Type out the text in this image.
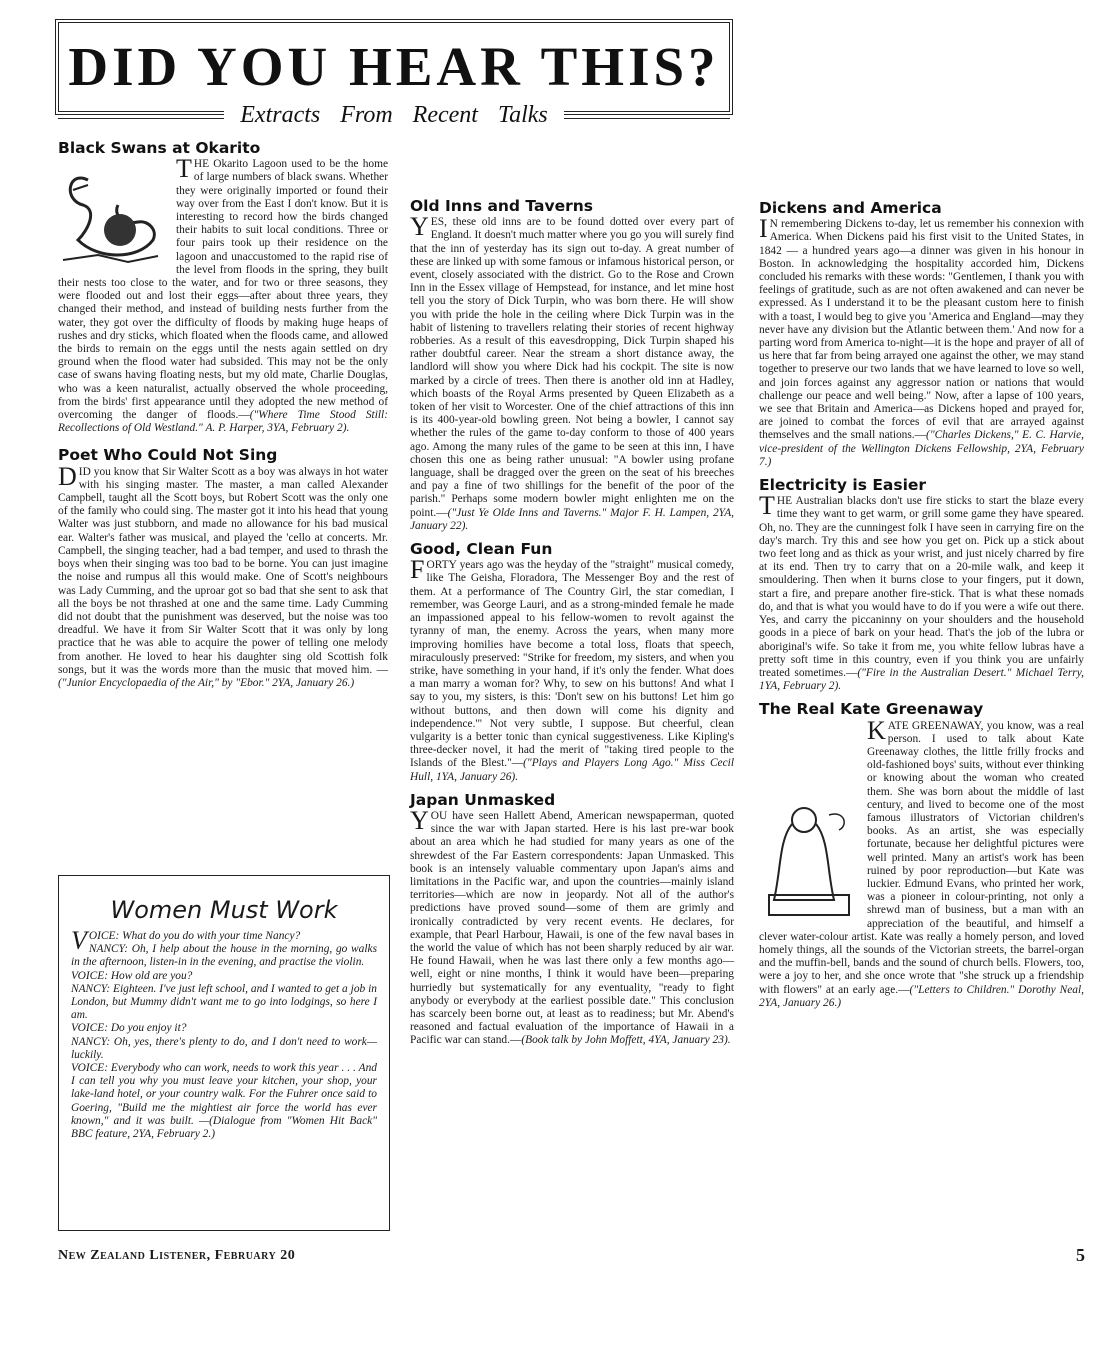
DID YOU HEAR THIS?
Extracts From Recent Talks
Black Swans at Okarito

THE Okarito Lagoon used to be the home of large numbers of black swans. Whether they were originally imported or found their way over from the East I don't know. But it is interesting to record how the birds changed their habits to suit local conditions. Three or four pairs took up their residence on the lagoon and unaccustomed to the rapid rise of the level from floods in the spring, they built their nests too close to the water, and for two or three seasons, they were flooded out and lost their eggs—after about three years, they changed their method, and instead of building nests further from the water, they got over the difficulty of floods by making huge heaps of rushes and dry sticks, which floated when the floods came, and allowed the birds to remain on the eggs until the nests again settled on dry ground when the flood water had subsided. This may not be the only case of swans having floating nests, but my old mate, Charlie Douglas, who was a keen naturalist, actually observed the whole proceeding, from the birds' first appearance until they adopted the new method of overcoming the danger of floods.—("Where Time Stood Still: Recollections of Old Westland." A. P. Harper, 3YA, February 2).

Poet Who Could Not Sing

DID you know that Sir Walter Scott as a boy was always in hot water with his singing master. The master, a man called Alexander Campbell, taught all the Scott boys, but Robert Scott was the only one of the family who could sing. The master got it into his head that young Walter was just stubborn, and made no allowance for his bad musical ear. Walter's father was musical, and played the 'cello at concerts. Mr. Campbell, the singing teacher, had a bad temper, and used to thrash the boys when their singing was too bad to be borne. You can just imagine the noise and rumpus all this would make. One of Scott's neighbours was Lady Cumming, and the uproar got so bad that she sent to ask that all the boys be not thrashed at one and the same time. Lady Cumming did not doubt that the punishment was deserved, but the noise was too dreadful. We have it from Sir Walter Scott that it was only by long practice that he was able to acquire the power of telling one melody from another. He loved to hear his daughter sing old Scottish folk songs, but it was the words more than the music that moved him. —("Junior Encyclopaedia of the Air," by "Ebor." 2YA, January 26.)

Women Must Work

VOICE: What do you do with your time Nancy?

NANCY: Oh, I help about the house in the morning, go walks in the afternoon, listen-in in the evening, and practise the violin.

VOICE: How old are you?

NANCY: Eighteen. I've just left school, and I wanted to get a job in London, but Mummy didn't want me to go into lodgings, so here I am.

VOICE: Do you enjoy it?

NANCY: Oh, yes, there's plenty to do, and I don't need to work—luckily.

VOICE: Everybody who can work, needs to work this year . . . And I can tell you why you must leave your kitchen, your shop, your lake-land hotel, or your country walk. For the Fuhrer once said to Goering, "Build me the mightiest air force the world has ever known," and it was built. —(Dialogue from "Women Hit Back" BBC feature, 2YA, February 2.)

Old Inns and Taverns

YES, these old inns are to be found dotted over every part of England. It doesn't much matter where you go you will surely find that the inn of yesterday has its sign out to-day. A great number of these are linked up with some famous or infamous historical person, or event, closely associated with the district. Go to the Rose and Crown Inn in the Essex village of Hempstead, for instance, and let mine host tell you the story of Dick Turpin, who was born there. He will show you with pride the hole in the ceiling where Dick Turpin was in the habit of listening to travellers relating their stories of recent highway robberies. As a result of this eavesdropping, Dick Turpin shaped his rather doubtful career. Near the stream a short distance away, the landlord will show you where Dick had his cockpit. The site is now marked by a circle of trees. Then there is another old inn at Hadley, which boasts of the Royal Arms presented by Queen Elizabeth as a token of her visit to Worcester. One of the chief attractions of this inn is its 400-year-old bowling green. Not being a bowler, I cannot say whether the rules of the game to-day conform to those of 400 years ago. Among the many rules of the game to be seen at this inn, I have chosen this one as being rather unusual: "A bowler using profane language, shall be dragged over the green on the seat of his breeches and pay a fine of two shillings for the benefit of the poor of the parish." Perhaps some modern bowler might enlighten me on the point.—("Just Ye Olde Inns and Taverns." Major F. H. Lampen, 2YA, January 22).

Good, Clean Fun

FORTY years ago was the heyday of the "straight" musical comedy, like The Geisha, Floradora, The Messenger Boy and the rest of them. At a performance of The Country Girl, the star comedian, I remember, was George Lauri, and as a strong-minded female he made an impassioned appeal to his fellow-women to revolt against the tyranny of man, the enemy. Across the years, when many more improving homilies have become a total loss, floats that speech, miraculously preserved: "Strike for freedom, my sisters, and when you strike, have something in your hand, if it's only the fender. What does a man marry a woman for? Why, to sew on his buttons! And what I say to you, my sisters, is this: 'Don't sew on his buttons! Let him go without buttons, and then down will come his dignity and independence.'" Not very subtle, I suppose. But cheerful, clean vulgarity is a better tonic than cynical suggestiveness. Like Kipling's three-decker novel, it had the merit of "taking tired people to the Islands of the Blest."—("Plays and Players Long Ago." Miss Cecil Hull, 1YA, January 26).

Japan Unmasked

YOU have seen Hallett Abend, American newspaperman, quoted since the war with Japan started. Here is his last pre-war book about an area which he had studied for many years as one of the shrewdest of the Far Eastern correspondents: Japan Unmasked. This book is an intensely valuable commentary upon Japan's aims and limitations in the Pacific war, and upon the countries—mainly island territories—which are now in jeopardy. Not all of the author's predictions have proved sound—some of them are grimly and ironically contradicted by very recent events. He declares, for example, that Pearl Harbour, Hawaii, is one of the few naval bases in the world the value of which has not been sharply reduced by air war. He found Hawaii, when he was last there only a few months ago—well, eight or nine months, I think it would have been—preparing hurriedly but systematically for any eventuality, "ready to fight anybody or everybody at the earliest possible date." This conclusion has scarcely been borne out, at least as to readiness; but Mr. Abend's reasoned and factual evaluation of the importance of Hawaii in a Pacific war can stand.—(Book talk by John Moffett, 4YA, January 23).

Dickens and America

I N remembering Dickens to-day, let us remember his connexion with America. When Dickens paid his first visit to the United States, in 1842 — a hundred years ago—a dinner was given in his honour in Boston. In acknowledging the hospitality accorded him, Dickens concluded his remarks with these words: "Gentlemen, I thank you with feelings of gratitude, such as are not often awakened and can never be expressed. As I understand it to be the pleasant custom here to finish with a toast, I would beg to give you 'America and England—may they never have any division but the Atlantic between them.' And now for a parting word from America to-night—it is the hope and prayer of all of us here that far from being arrayed one against the other, we may stand together to preserve our two lands that we have learned to love so well, and join forces against any aggressor nation or nations that would challenge our peace and well being." Now, after a lapse of 100 years, we see that Britain and America—as Dickens hoped and prayed for, are joined to combat the forces of evil that are arrayed against themselves and the small nations.—("Charles Dickens," E. C. Harvie, vice-president of the Wellington Dickens Fellowship, 2YA, February 7.)

Electricity is Easier

THE Australian blacks don't use fire sticks to start the blaze every time they want to get warm, or grill some game they have speared. Oh, no. They are the cunningest folk I have seen in carrying fire on the day's march. Try this and see how you get on. Pick up a stick about two feet long and as thick as your wrist, and just nicely charred by fire at its end. Then try to carry that on a 20-mile walk, and keep it smouldering. Then when it burns close to your fingers, put it down, start a fire, and prepare another fire-stick. That is what these nomads do, and that is what you would have to do if you were a wife out there. Yes, and carry the piccaninny on your shoulders and the household goods in a piece of bark on your head. That's the job of the lubra or aboriginal's wife. So take it from me, you white fellow lubras have a pretty soft time in this country, even if you think you are unfairly treated sometimes.—("Fire in the Australian Desert." Michael Terry, 1YA, February 2).

The Real Kate Greenaway

KATE GREENAWAY, you know, was a real person. I used to talk about Kate Greenaway clothes, the little frilly frocks and old-fashioned boys' suits, without ever thinking or knowing about the woman who created them. She was born about the middle of last century, and lived to become one of the most famous illustrators of Victorian children's books. As an artist, she was especially fortunate, because her delightful pictures were well printed. Many an artist's work has been ruined by poor reproduction—but Kate was luckier. Edmund Evans, who printed her work, was a pioneer in colour-printing, not only a shrewd man of business, but a man with an appreciation of the beautiful, and himself a clever water-colour artist. Kate was really a homely person, and loved homely things, all the sounds of the Victorian streets, the barrel-organ and the muffin-bell, bands and the sound of church bells. Flowers, too, were a joy to her, and she once wrote that "she struck up a friendship with flowers" at an early age.—("Letters to Children." Dorothy Neal, 2YA, January 26.)

New Zealand Listener, February 20	5
